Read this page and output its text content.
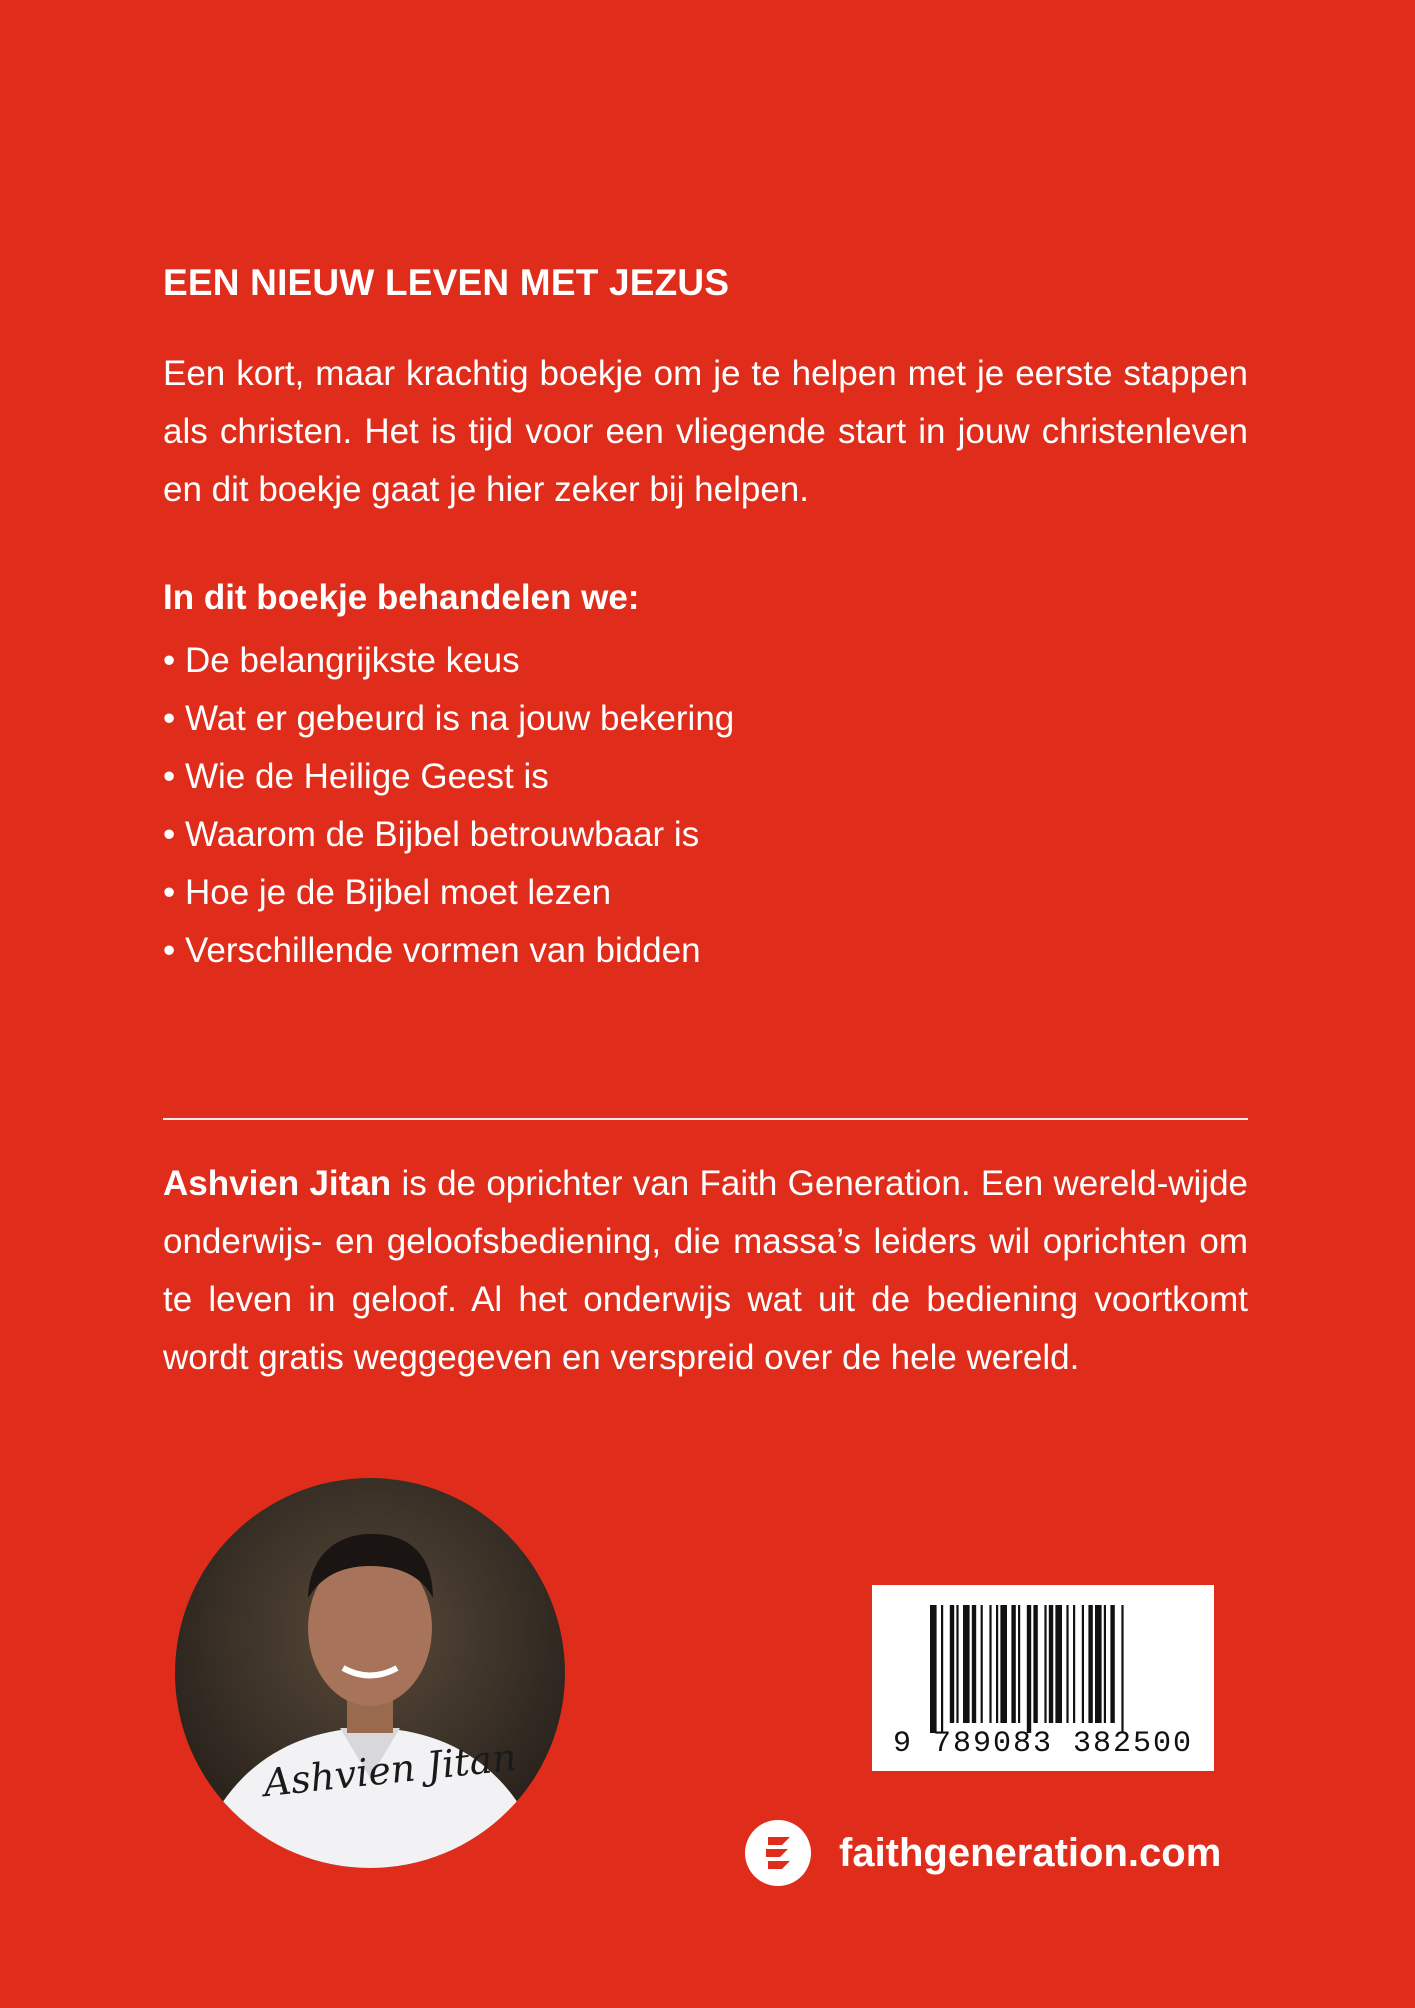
EEN NIEUW LEVEN MET JEZUS
Een kort, maar krachtig boekje om je te helpen met je eerste stappen als christen. Het is tijd voor een vliegende start in jouw christenleven en dit boekje gaat je hier zeker bij helpen.
In dit boekje behandelen we:
• De belangrijkste keus
• Wat er gebeurd is na jouw bekering
• Wie de Heilige Geest is
• Waarom de Bijbel betrouwbaar is
• Hoe je de Bijbel moet lezen
• Verschillende vormen van bidden
Ashvien Jitan is de oprichter van Faith Generation. Een wereld-wijde onderwijs- en geloofsbediening, die massa’s leiders wil oprichten om te leven in geloof. Al het onderwijs wat uit de bediening voortkomt wordt gratis weggegeven en verspreid over de hele wereld.
Ashvien Jitan	9 789083 382500
faithgeneration.com
